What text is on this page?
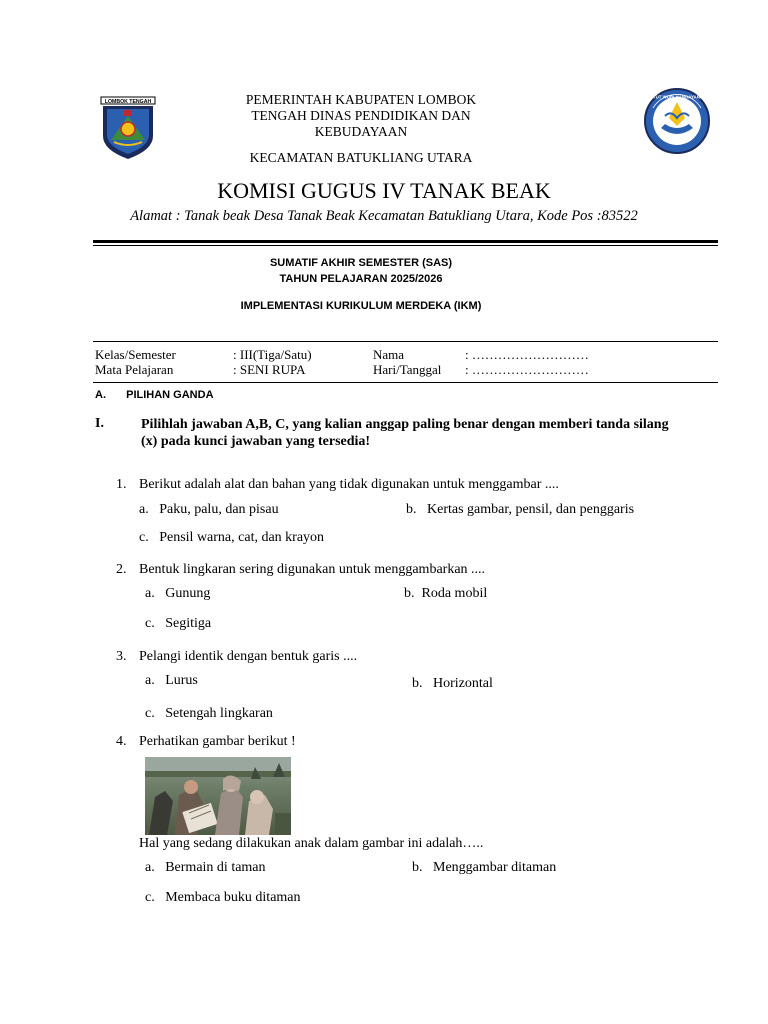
LOMBOK TENGAH	PEMERINTAH KABUPATEN LOMBOK
TENGAH DINAS PENDIDIKAN DAN
KEBUDAYAAN
KECAMATAN BATUKLIANG UTARA
TUT WURI HANDAYANI
KOMISI GUGUS IV TANAK BEAK
Alamat : Tanak beak Desa Tanak Beak Kecamatan Batukliang Utara, Kode Pos :83522
SUMATIF AKHIR SEMESTER (SAS)
TAHUN PELAJARAN 2025/2026
IMPLEMENTASI KURIKULUM MERDEKA (IKM)
Kelas/Semester	: III(Tiga/Satu)	Nama	: ………………………
Mata Pelajaran	: SENI RUPA	Hari/Tanggal : ………………………
A. PILIHAN GANDA
I.	Pilihlah jawaban A,B, C, yang kalian anggap paling benar dengan memberi tanda silang (x) pada kunci jawaban yang tersedia!
1. Berikut adalah alat dan bahan yang tidak digunakan untuk menggambar ....
a. Paku, palu, dan pisau	b. Kertas gambar, pensil, dan penggaris
c. Pensil warna, cat, dan krayon
2. Bentuk lingkaran sering digunakan untuk menggambarkan ....
a. Gunung	b. Roda mobil
c. Segitiga
3. Pelangi identik dengan bentuk garis ....
a. Lurus	b. Horizontal
c. Setengah lingkaran
4. Perhatikan gambar berikut !
Hal yang sedang dilakukan anak dalam gambar ini adalah…..
a. Bermain di taman	b. Menggambar ditaman
c. Membaca buku ditaman
